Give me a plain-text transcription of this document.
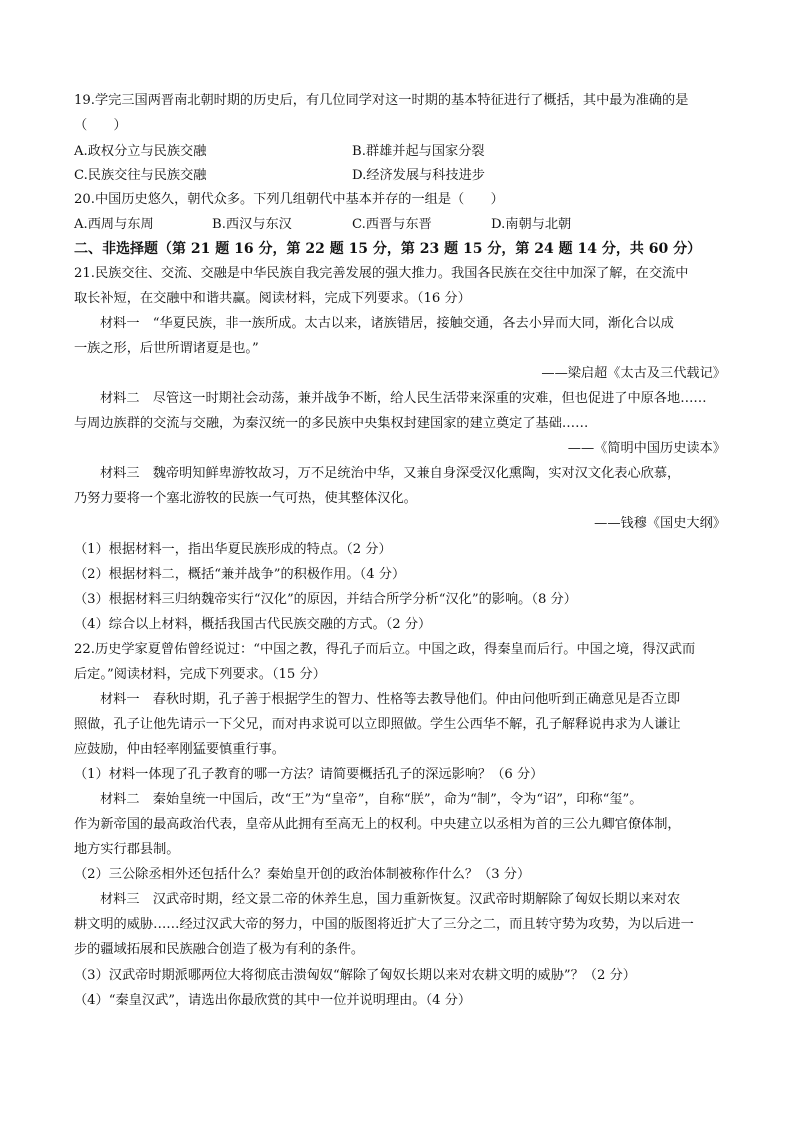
19.学完三国两晋南北朝时期的历史后，有几位同学对这一时期的基本特征进行了概括，其中最为准确的是
（　　）
A.政权分立与民族交融	B.群雄并起与国家分裂
C.民族交往与民族交融	D.经济发展与科技进步
20.中国历史悠久，朝代众多。下列几组朝代中基本并存的一组是（　　）
A.西周与东周	B.西汉与东汉	C.西晋与东晋	D.南朝与北朝
二、非选择题（第 21 题 16 分，第 22 题 15 分，第 23 题 15 分，第 24 题 14 分，共 60 分）
21.民族交往、交流、交融是中华民族自我完善发展的强大推力。我国各民族在交往中加深了解，在交流中
取长补短，在交融中和谐共赢。阅读材料，完成下列要求。（16 分）
材料一　“华夏民族，非一族所成。太古以来，诸族错居，接触交通，各去小异而大同，渐化合以成
一族之形，后世所谓诸夏是也。”
——梁启超《太古及三代载记》
材料二　尽管这一时期社会动荡，兼并战争不断，给人民生活带来深重的灾难，但也促进了中原各地……
与周边族群的交流与交融，为秦汉统一的多民族中央集权封建国家的建立奠定了基础……
——《简明中国历史读本》
材料三　魏帝明知鲜卑游牧故习，万不足统治中华，又兼自身深受汉化熏陶，实对汉文化表心欣慕，
乃努力要将一个塞北游牧的民族一气可热，使其整体汉化。
——钱穆《国史大纲》
（1）根据材料一，指出华夏民族形成的特点。（2 分）
（2）根据材料二，概括“兼并战争”的积极作用。（4 分）
（3）根据材料三归纳魏帝实行“汉化”的原因，并结合所学分析“汉化”的影响。（8 分）
（4）综合以上材料，概括我国古代民族交融的方式。（2 分）
22.历史学家夏曾佑曾经说过：“中国之教，得孔子而后立。中国之政，得秦皇而后行。中国之境，得汉武而
后定。”阅读材料，完成下列要求。（15 分）
材料一　春秋时期，孔子善于根据学生的智力、性格等去教导他们。仲由问他听到正确意见是否立即
照做，孔子让他先请示一下父兄，而对冉求说可以立即照做。学生公西华不解，孔子解释说冉求为人谦让
应鼓励，仲由轻率刚猛要慎重行事。
（1）材料一体现了孔子教育的哪一方法？请简要概括孔子的深远影响？（6 分）
材料二　秦始皇统一中国后，改“王”为“皇帝”，自称“朕”，命为“制”，令为“诏”，印称“玺”。
作为新帝国的最高政治代表，皇帝从此拥有至高无上的权利。中央建立以丞相为首的三公九卿官僚体制，
地方实行郡县制。
（2）三公除丞相外还包括什么？秦始皇开创的政治体制被称作什么？（3 分）
材料三　汉武帝时期，经文景二帝的休养生息，国力重新恢复。汉武帝时期解除了匈奴长期以来对农
耕文明的威胁……经过汉武大帝的努力，中国的版图将近扩大了三分之二，而且转守势为攻势，为以后进一
步的疆域拓展和民族融合创造了极为有利的条件。
（3）汉武帝时期派哪两位大将彻底击溃匈奴“解除了匈奴长期以来对农耕文明的威胁”？（2 分）
（4）“秦皇汉武”，请选出你最欣赏的其中一位并说明理由。（4 分）
